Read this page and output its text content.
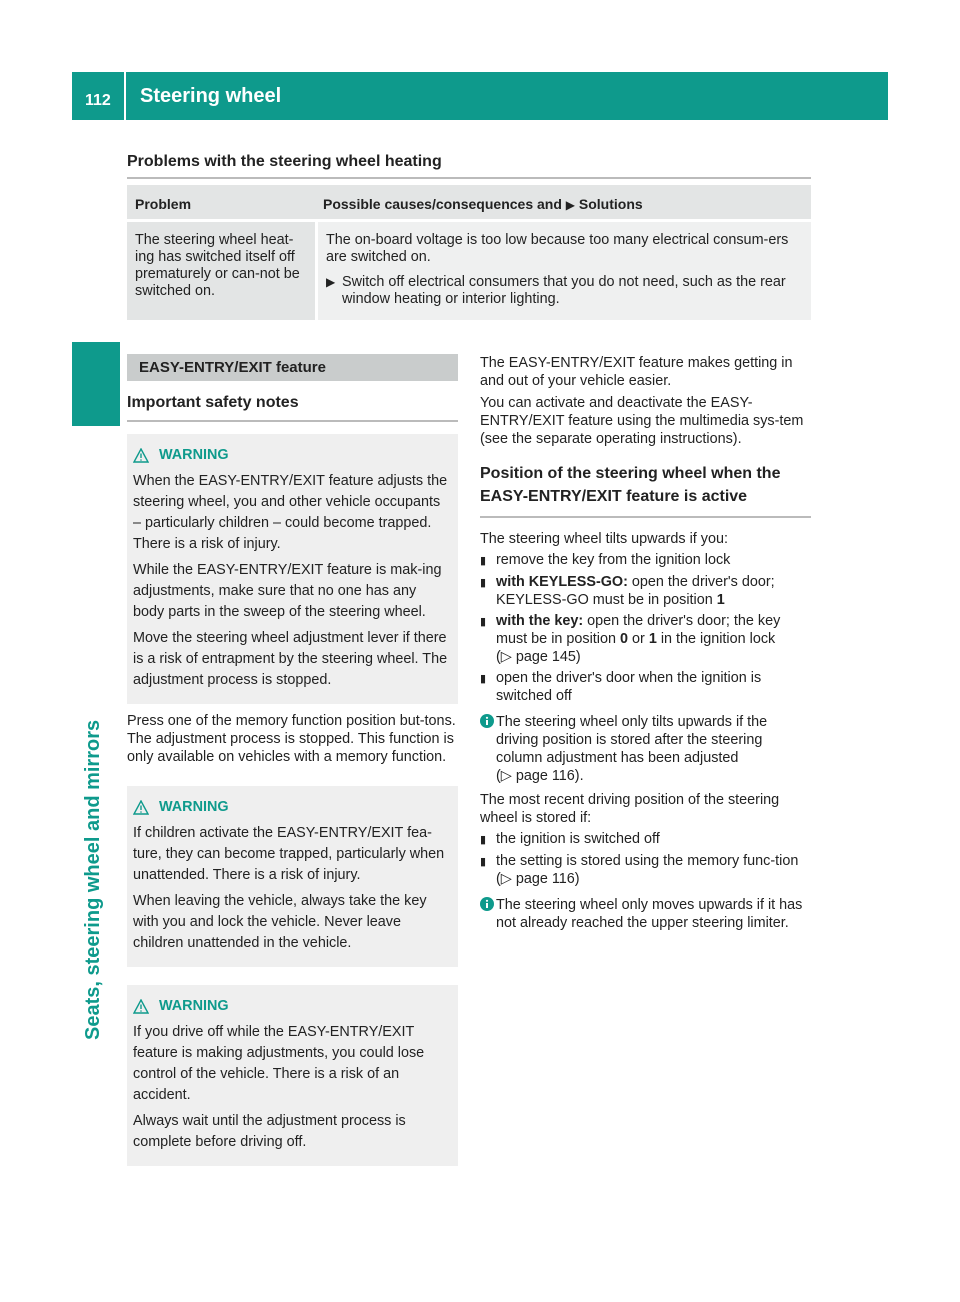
112 Steering wheel
Seats, steering wheel and mirrors
Problems with the steering wheel heating
Problem	Possible causes/consequences and ▶ Solutions
The steering wheel heat-ing has switched itself off prematurely or can-not be switched on.
The on-board voltage is too low because too many electrical consum-ers are switched on.
▶ Switch off electrical consumers that you do not need, such as the rear window heating or interior lighting.
EASY-ENTRY/EXIT feature
Important safety notes
WARNING

When the EASY-ENTRY/EXIT feature adjusts the steering wheel, you and other vehicle occupants – particularly children – could become trapped. There is a risk of injury.

While the EASY-ENTRY/EXIT feature is mak-ing adjustments, make sure that no one has any body parts in the sweep of the steering wheel.

Move the steering wheel adjustment lever if there is a risk of entrapment by the steering wheel. The adjustment process is stopped.

Press one of the memory function position but-tons. The adjustment process is stopped. This function is only available on vehicles with a memory function.

WARNING

If children activate the EASY-ENTRY/EXIT fea-ture, they can become trapped, particularly when unattended. There is a risk of injury.

When leaving the vehicle, always take the key with you and lock the vehicle. Never leave children unattended in the vehicle.

WARNING

If you drive off while the EASY-ENTRY/EXIT feature is making adjustments, you could lose control of the vehicle. There is a risk of an accident.

Always wait until the adjustment process is complete before driving off.

The EASY-ENTRY/EXIT feature makes getting in and out of your vehicle easier.

You can activate and deactivate the EASY-ENTRY/EXIT feature using the multimedia sys-tem (see the separate operating instructions).

Position of the steering wheel when the EASY-ENTRY/EXIT feature is active

The steering wheel tilts upwards if you:

▮ remove the key from the ignition lock
▮ with KEYLESS-GO: open the driver's door; KEYLESS-GO must be in position 1
▮ with the key: open the driver's door; the key must be in position 0 or 1 in the ignition lock
(▷ page 145)
▮ open the driver's door when the ignition is switched off
The steering wheel only tilts upwards if the driving position is stored after the steering column adjustment has been adjusted
(▷ page 116).

The most recent driving position of the steering wheel is stored if:

▮ the ignition is switched off
▮ the setting is stored using the memory func-tion (▷ page 116)
The steering wheel only moves upwards if it has not already reached the upper steering limiter.
